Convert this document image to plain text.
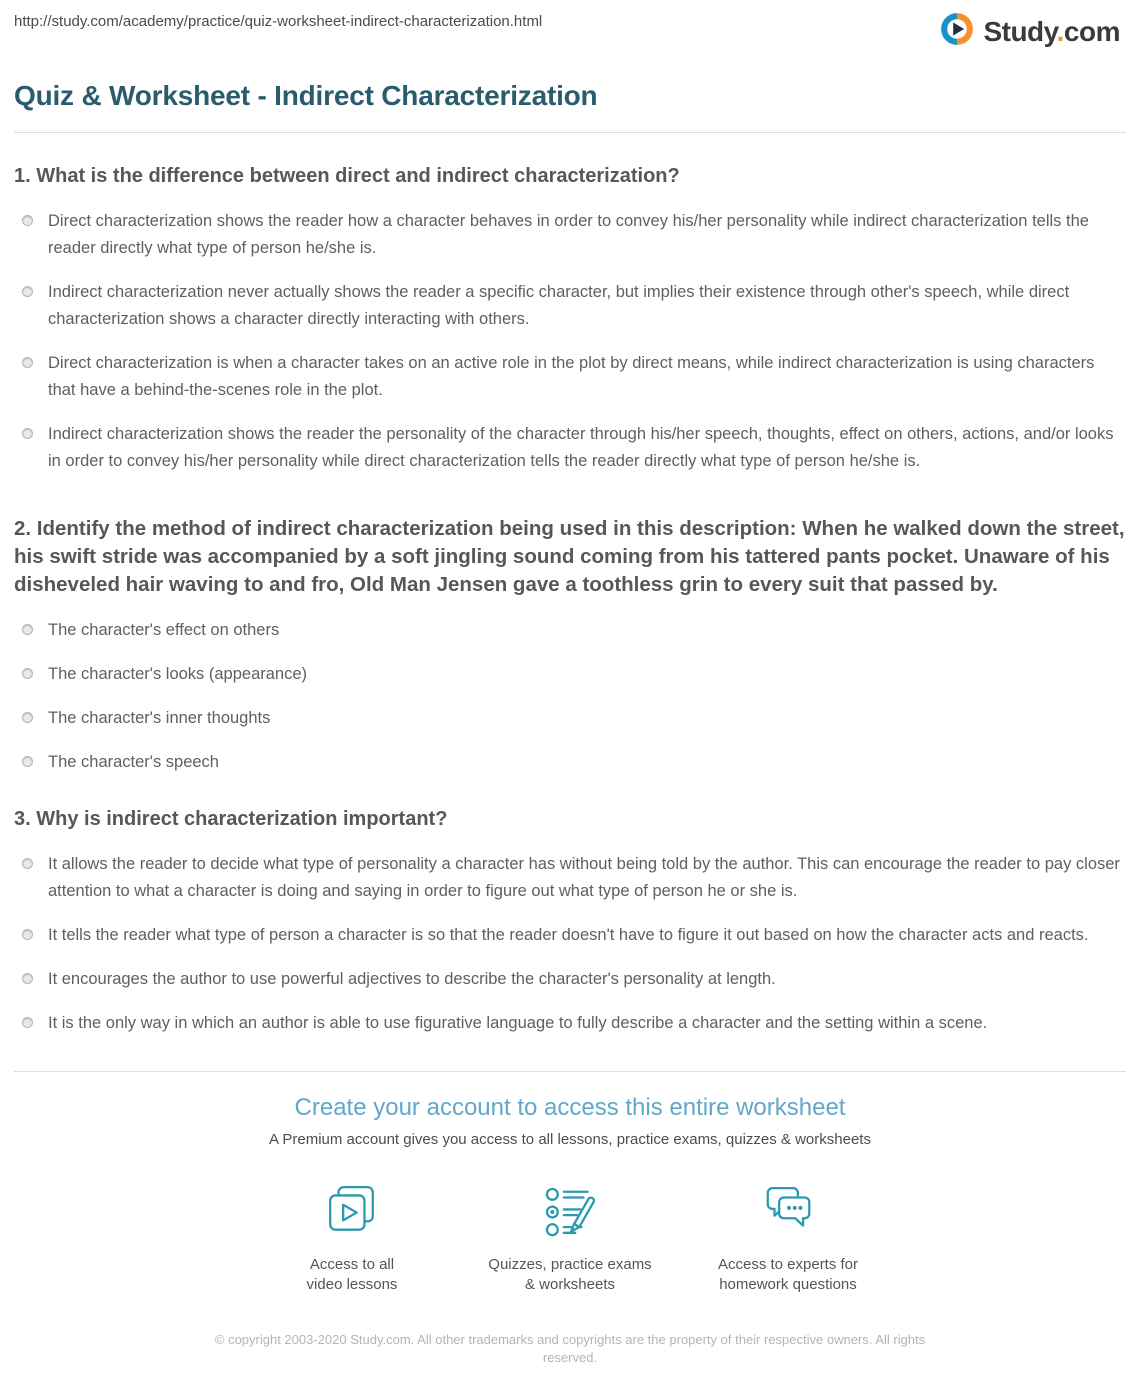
http://study.com/academy/practice/quiz-worksheet-indirect-characterization.html	Study.com
Quiz & Worksheet - Indirect Characterization
1. What is the difference between direct and indirect characterization?
Direct characterization shows the reader how a character behaves in order to convey his/her personality while indirect characterization tells the reader directly what type of person he/she is.
Indirect characterization never actually shows the reader a specific character, but implies their existence through other's speech, while direct characterization shows a character directly interacting with others.
Direct characterization is when a character takes on an active role in the plot by direct means, while indirect characterization is using characters that have a behind-the-scenes role in the plot.
Indirect characterization shows the reader the personality of the character through his/her speech, thoughts, effect on others, actions, and/or looks in order to convey his/her personality while direct characterization tells the reader directly what type of person he/she is.
2. Identify the method of indirect characterization being used in this description: When he walked down the street, his swift stride was accompanied by a soft jingling sound coming from his tattered pants pocket. Unaware of his disheveled hair waving to and fro, Old Man Jensen gave a toothless grin to every suit that passed by.
The character's effect on others
The character's looks (appearance)
The character's inner thoughts
The character's speech
3. Why is indirect characterization important?
It allows the reader to decide what type of personality a character has without being told by the author. This can encourage the reader to pay closer attention to what a character is doing and saying in order to figure out what type of person he or she is.
It tells the reader what type of person a character is so that the reader doesn't have to figure it out based on how the character acts and reacts.
It encourages the author to use powerful adjectives to describe the character's personality at length.
It is the only way in which an author is able to use figurative language to fully describe a character and the setting within a scene.
Create your account to access this entire worksheet
A Premium account gives you access to all lessons, practice exams, quizzes & worksheets
Access to all
video lessons
Quizzes, practice exams
& worksheets
Access to experts for
homework questions
© copyright 2003-2020 Study.com. All other trademarks and copyrights are the property of their respective owners. All rights reserved.
